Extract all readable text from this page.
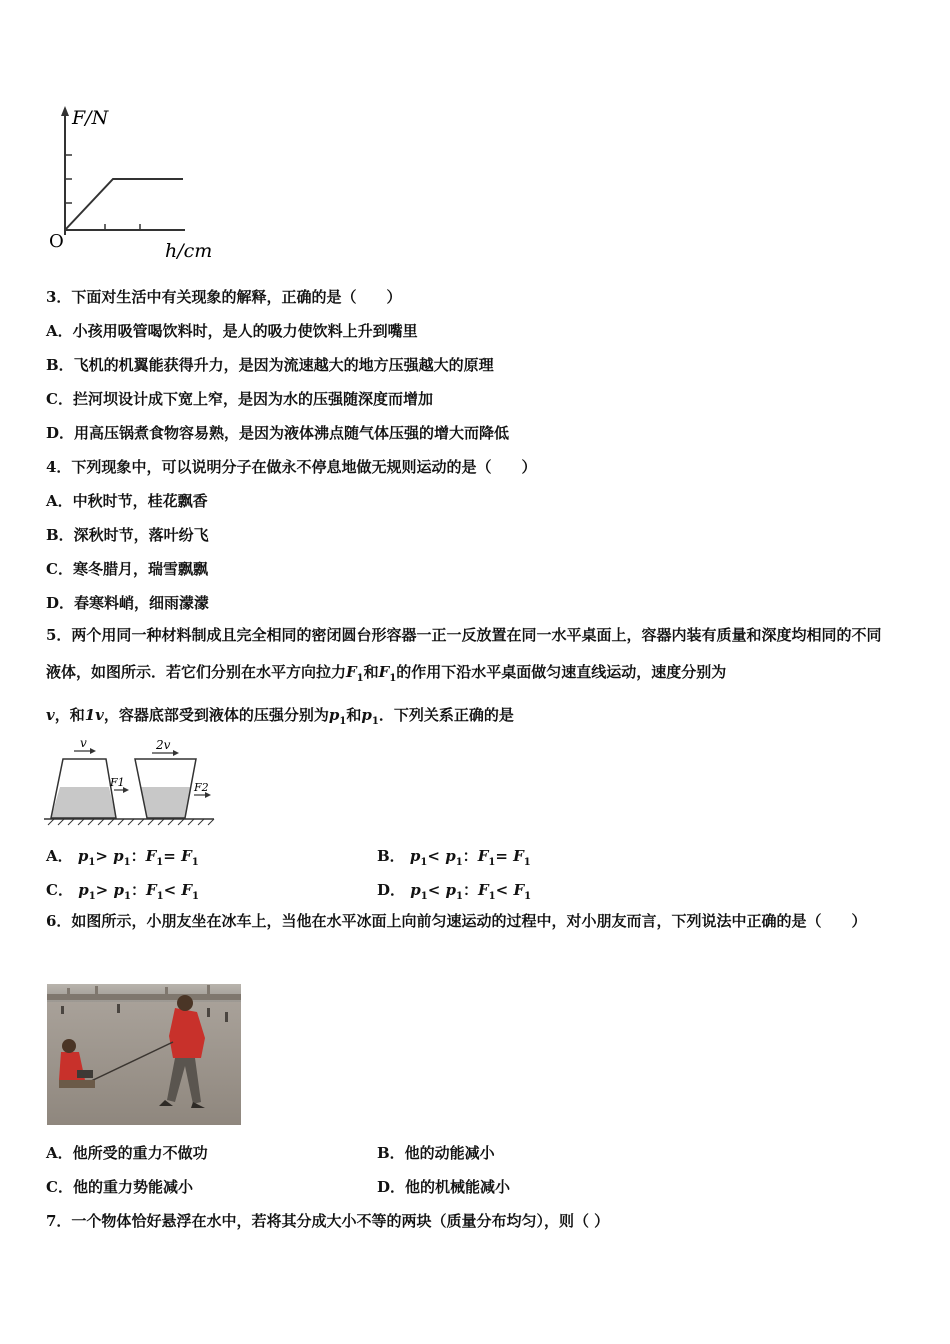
F/N
O	h/cm
3．下面对生活中有关现象的解释，正确的是（　　）
A．小孩用吸管喝饮料时，是人的吸力使饮料上升到嘴里
B．飞机的机翼能获得升力，是因为流速越大的地方压强越大的原理
C．拦河坝设计成下宽上窄，是因为水的压强随深度而增加
D．用高压锅煮食物容易熟，是因为液体沸点随气体压强的增大而降低
4．下列现象中，可以说明分子在做永不停息地做无规则运动的是（　　）
A．中秋时节，桂花飘香
B．深秋时节，落叶纷飞
C．寒冬腊月，瑞雪飘飘
D．春寒料峭，细雨濛濛
5．两个用同一种材料制成且完全相同的密闭圆台形容器一正一反放置在同一水平桌面上，容器内装有质量和深度均相同的不同液体，如图所示．若它们分别在水平方向拉力$F_1$和$F_1$的作用下沿水平桌面做匀速直线运动，速度分别为
v，和1v，容器底部受到液体的压强分别为$p_1$和$p_1$．下列关系正确的是
v	2v
F1	F2
A． $p_1> p_1$：$F_1= F_1$	B． $p_1< p_1$：$F_1= F_1$
C． $p_1> p_1$：$F_1< F_1$	D． $p_1< p_1$：$F_1< F_1$
6．如图所示，小朋友坐在冰车上，当他在水平冰面上向前匀速运动的过程中，对小朋友而言，下列说法中正确的是（　　）
A．他所受的重力不做功	B．他的动能减小
C．他的重力势能减小	D．他的机械能减小
7．一个物体恰好悬浮在水中，若将其分成大小不等的两块（质量分布均匀），则（ ）
